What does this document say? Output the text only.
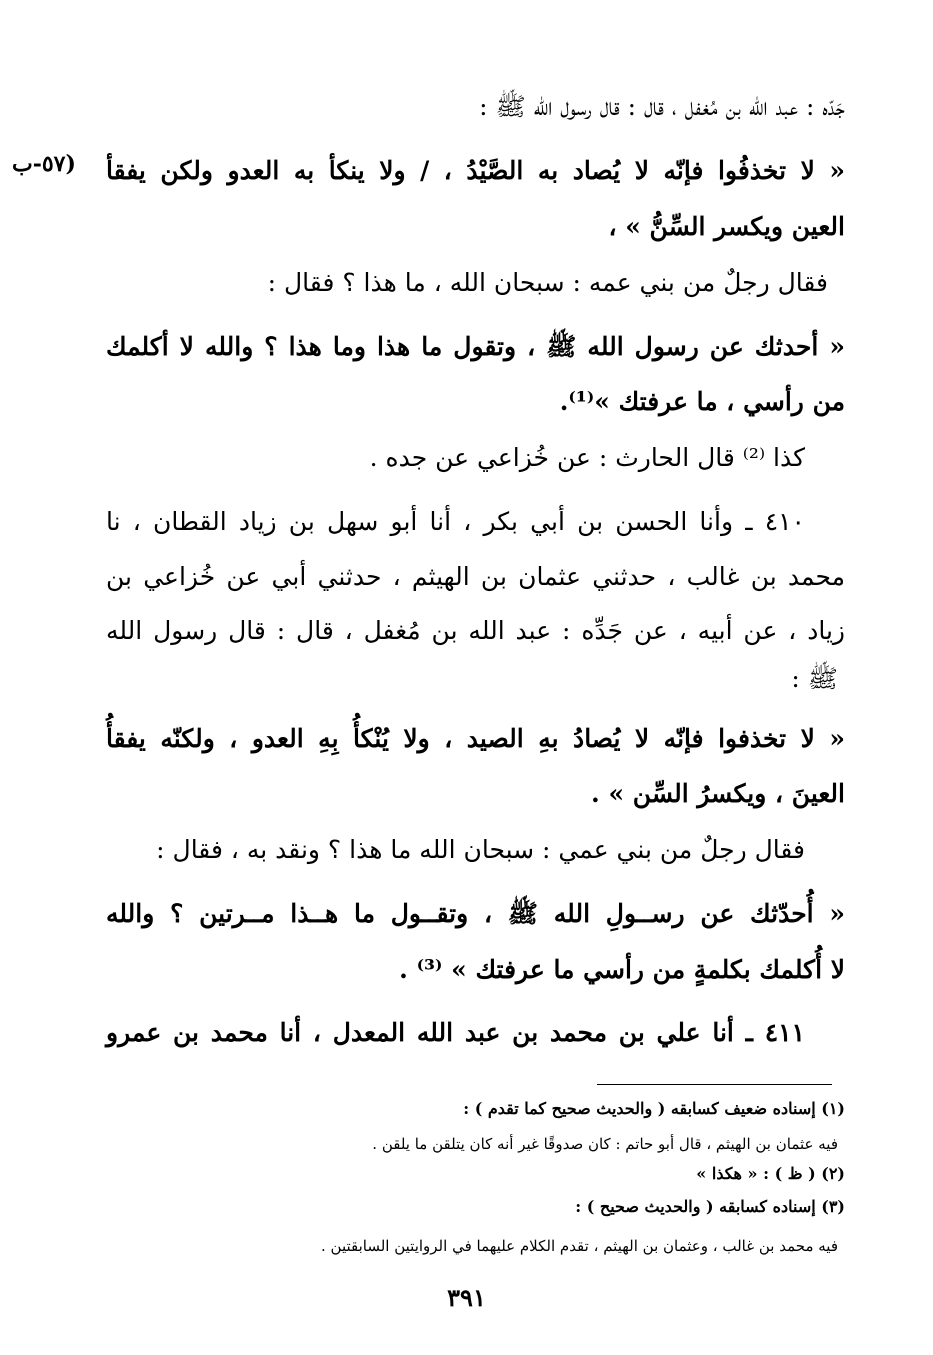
(٥٧-ب
جَدّه : عبد الله بن مُغفل ، قال : قال رسول الله ﷺ :
« لا تخذفُوا فإنّه لا يُصاد به الصَّيْدُ ، / ولا ينكأ به العدو ولكن يفقأ
العين ويكسر السِّنُّ » ،
فقال رجلٌ من بني عمه : سبحان الله ، ما هذا ؟ فقال :
« أحدثك عن رسول الله ﷺ ، وتقول ما هذا وما هذا ؟ والله لا أكلمك
من رأسي ، ما عرفتك »⁽¹⁾.
كذا ⁽²⁾ قال الحارث : عن خُزاعي عن جده .
٤١٠ ـ وأنا الحسن بن أبي بكر ، أنا أبو سهل بن زياد القطان ، نا
محمد بن غالب ، حدثني عثمان بن الهيثم ، حدثني أبي عن خُزاعي بن
زياد ، عن أبيه ، عن جَدِّه : عبد الله بن مُغفل ، قال : قال رسول الله
ﷺ :
« لا تخذفوا فإنّه لا يُصادُ بهِ الصيد ، ولا يُنْكأُ بِهِ العدو ، ولكنّه يفقأُ
العينَ ، ويكسرُ السِّن » .
فقال رجلٌ من بني عمي : سبحان الله ما هذا ؟ ونقد به ، فقال :
« أُحدّثك عن رســولِ الله ﷺ ، وتقــول ما هــذا مــرتين ؟ والله
لا أُكلمك بكلمةٍ من رأسي ما عرفتك » ⁽³⁾ .
٤١١ ـ أنا علي بن محمد بن عبد الله المعدل ، أنا محمد بن عمرو
(١) إسناده ضعيف كسابقه ( والحديث صحيح كما تقدم ) :
فيه عثمان بن الهيثم ، قال أبو حاتم : كان صدوقًا غير أنه كان يتلقن ما يلقن .
(٢) ( ظ ) : « هكذا »
(٣) إسناده كسابقه ( والحديث صحيح ) :
فيه محمد بن غالب ، وعثمان بن الهيثم ، تقدم الكلام عليهما في الروايتين السابقتين .
٣٩١
